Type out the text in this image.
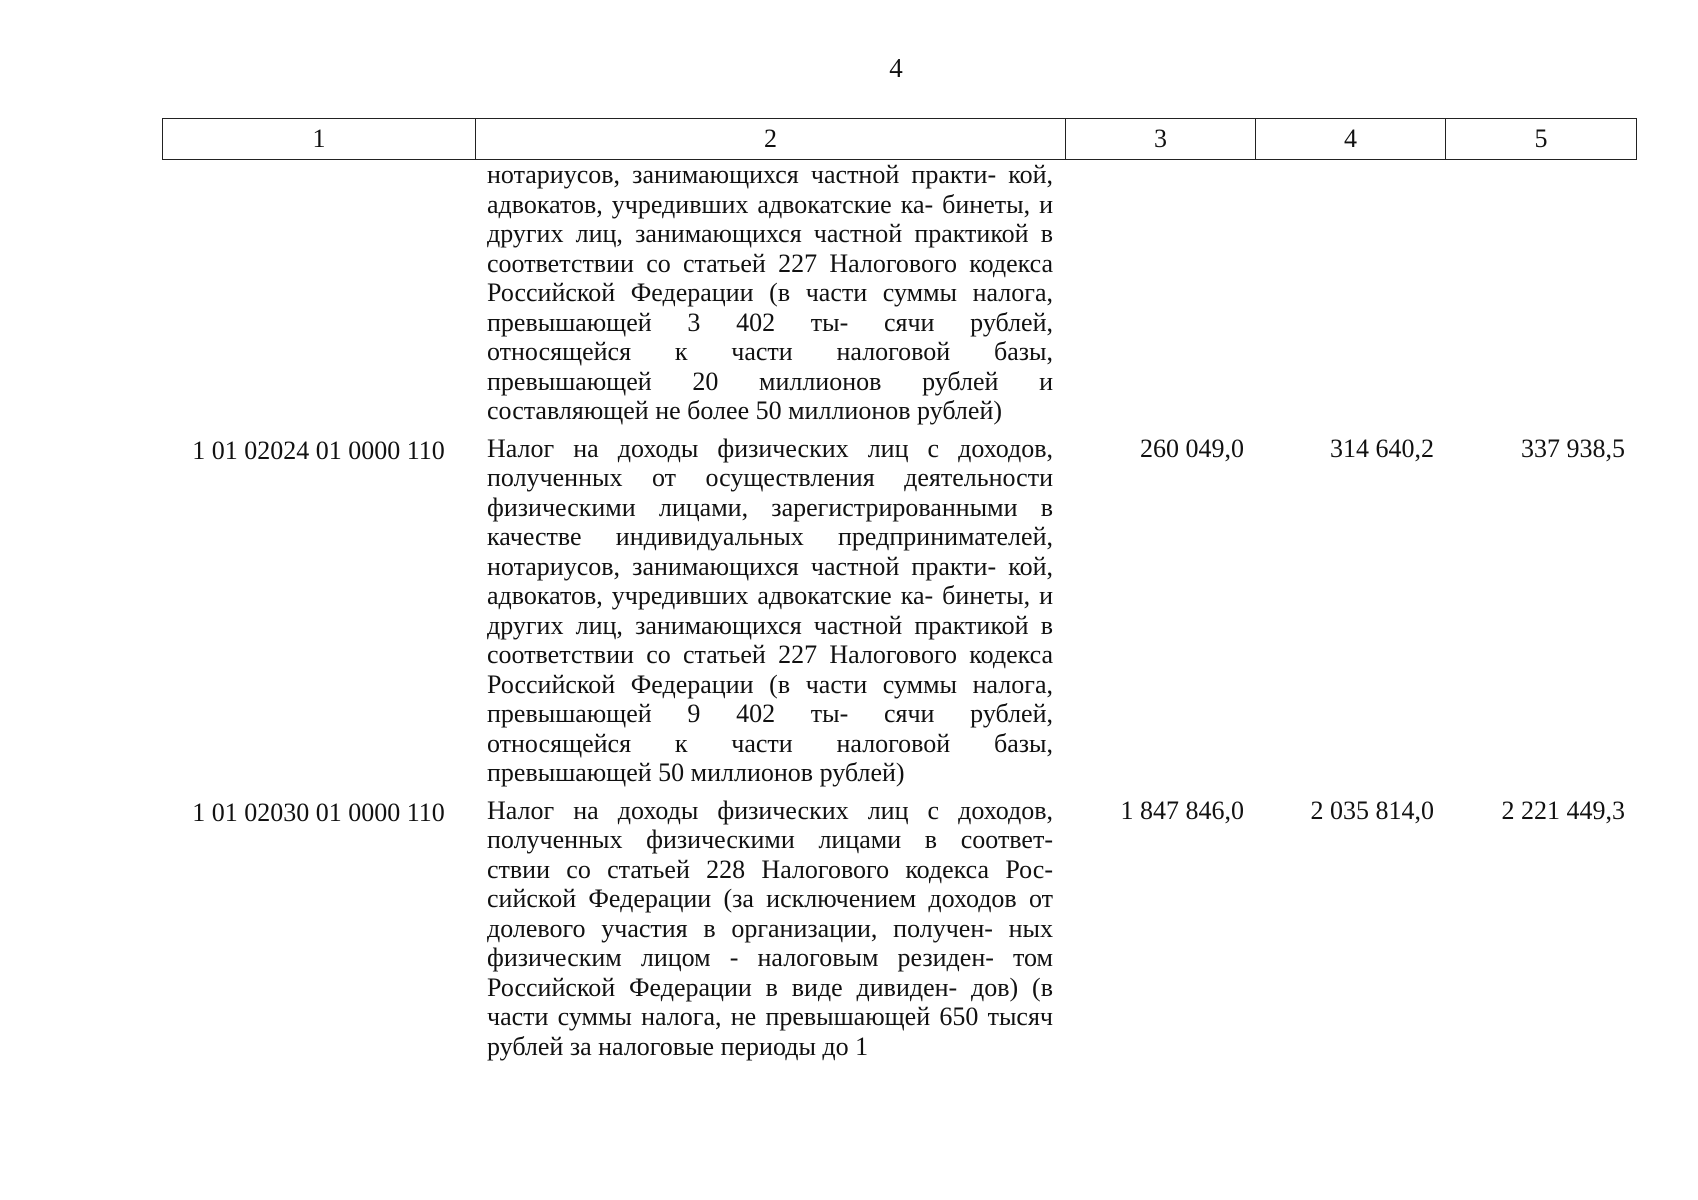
4
1	2	3	4	5
	нотариусов, занимающихся частной практи- кой, адвокатов, учредивших адвокатские ка- бинеты, и других лиц, занимающихся частной практикой в соответствии со статьей 227 Налогового кодекса Российской Федерации (в части суммы налога, превышающей 3 402 ты- сячи рублей, относящейся к части налоговой базы, превышающей 20 миллионов рублей и составляющей не более 50 миллионов рублей)			

1 01 02024 01 0000 110	Налог на доходы физических лиц с доходов, полученных от осуществления деятельности физическими лицами, зарегистрированными в качестве индивидуальных предпринимателей, нотариусов, занимающихся частной практи- кой, адвокатов, учредивших адвокатские ка- бинеты, и других лиц, занимающихся частной практикой в соответствии со статьей 227 Налогового кодекса Российской Федерации (в части суммы налога, превышающей 9 402 ты- сячи рублей, относящейся к части налоговой базы, превышающей 50 миллионов рублей)	260 049,0	314 640,2	337 938,5

1 01 02030 01 0000 110	Налог на доходы физических лиц с доходов, полученных физическими лицами в соответ- ствии со статьей 228 Налогового кодекса Рос- сийской Федерации (за исключением доходов от долевого участия в организации, получен- ных физическим лицом - налоговым резиден- том Российской Федерации в виде дивиден- дов) (в части суммы налога, не превышающей 650 тысяч рублей за налоговые периоды до 1	1 847 846,0	2 035 814,0	2 221 449,3
